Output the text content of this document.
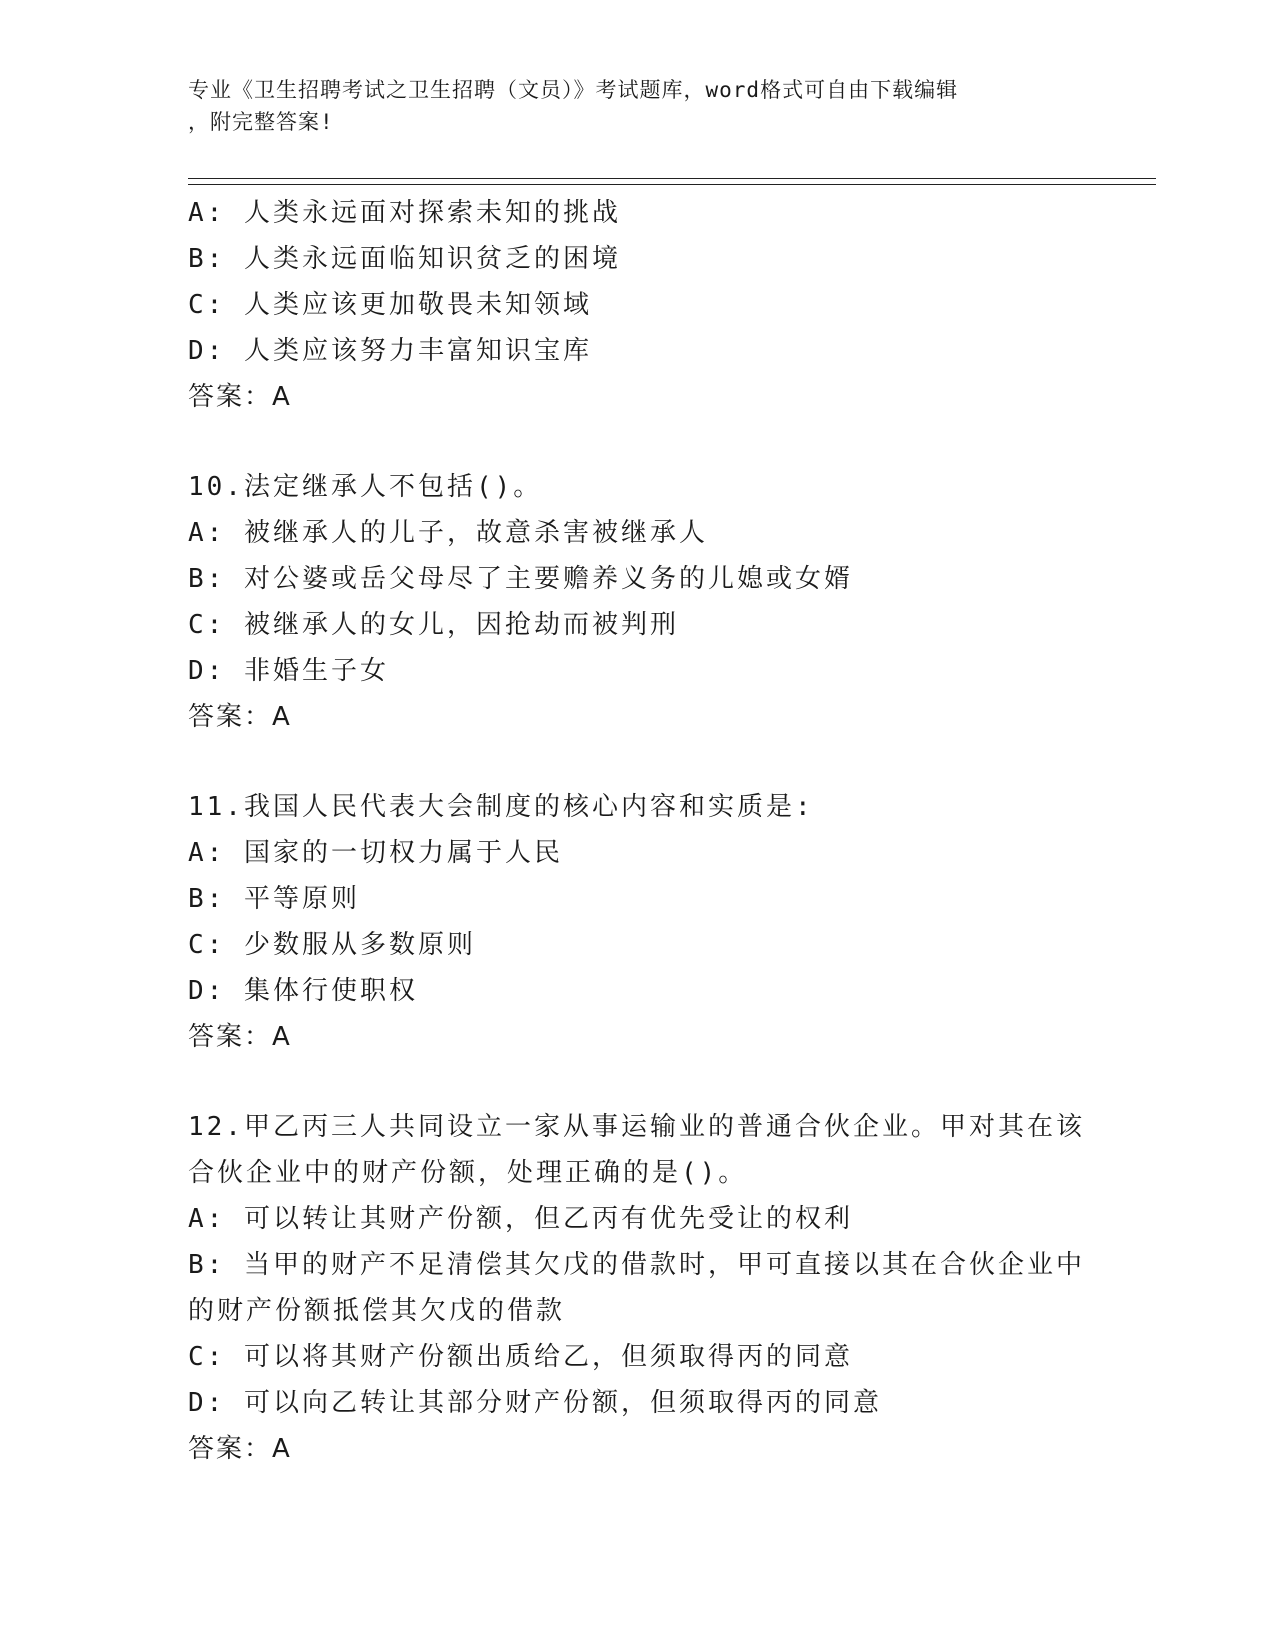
专业《卫生招聘考试之卫生招聘（文员）》考试题库，word格式可自由下载编辑
，附完整答案!
A: 人类永远面对探索未知的挑战
B: 人类永远面临知识贫乏的困境
C: 人类应该更加敬畏未知领域
D: 人类应该努力丰富知识宝库
答案：A
10.法定继承人不包括()。
A: 被继承人的儿子，故意杀害被继承人
B: 对公婆或岳父母尽了主要赡养义务的儿媳或女婿
C: 被继承人的女儿，因抢劫而被判刑
D: 非婚生子女
答案：A
11.我国人民代表大会制度的核心内容和实质是:
A: 国家的一切权力属于人民
B: 平等原则
C: 少数服从多数原则
D: 集体行使职权
答案：A
12.甲乙丙三人共同设立一家从事运输业的普通合伙企业。甲对其在该
合伙企业中的财产份额，处理正确的是()。
A: 可以转让其财产份额，但乙丙有优先受让的权利
B: 当甲的财产不足清偿其欠戊的借款时，甲可直接以其在合伙企业中
的财产份额抵偿其欠戊的借款
C: 可以将其财产份额出质给乙，但须取得丙的同意
D: 可以向乙转让其部分财产份额，但须取得丙的同意
答案：A
